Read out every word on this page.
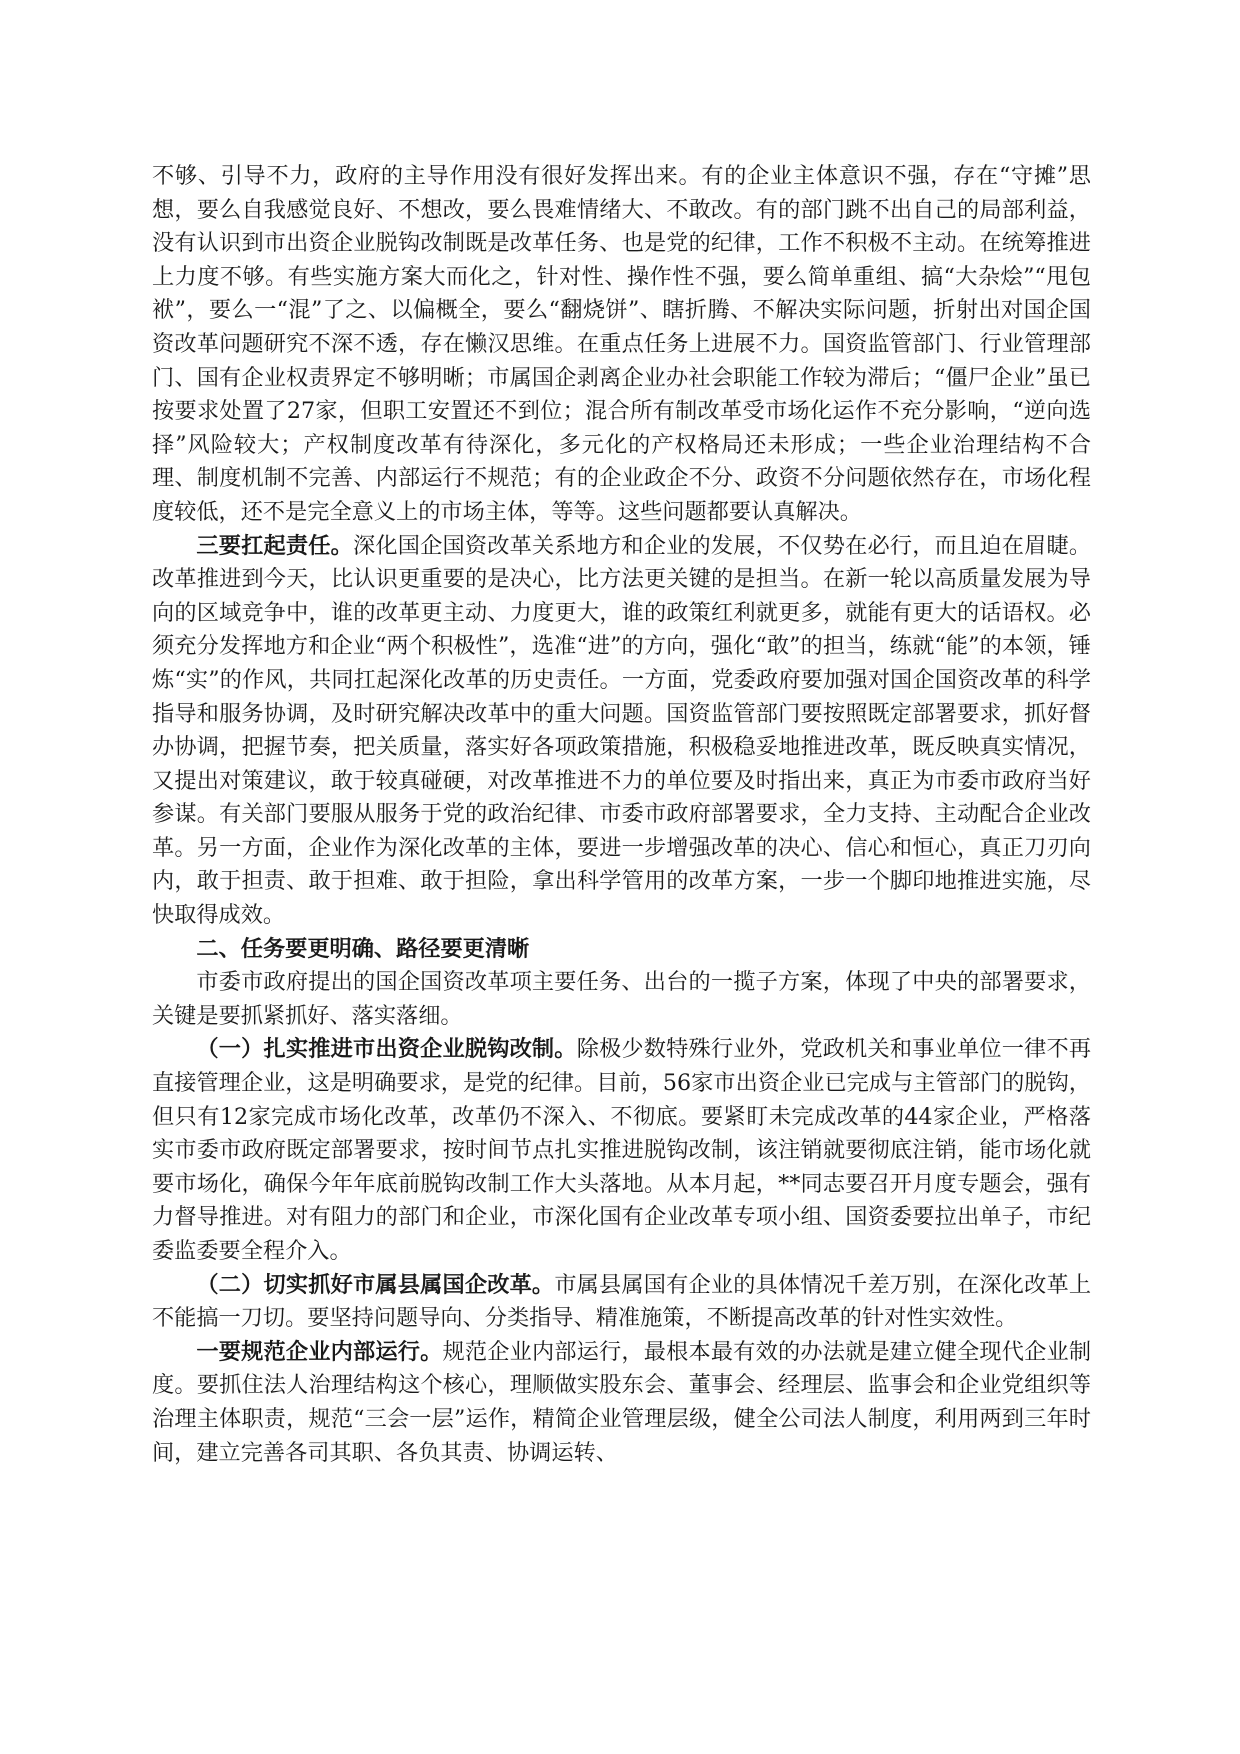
不够、引导不力，政府的主导作用没有很好发挥出来。有的企业主体意识不强，存在“守摊”思想，要么自我感觉良好、不想改，要么畏难情绪大、不敢改。有的部门跳不出自己的局部利益，没有认识到市出资企业脱钩改制既是改革任务、也是党的纪律，工作不积极不主动。在统筹推进上力度不够。有些实施方案大而化之，针对性、操作性不强，要么简单重组、搞“大杂烩”“甩包袱”，要么一“混”了之、以偏概全，要么“翻烧饼”、瞎折腾、不解决实际问题，折射出对国企国资改革问题研究不深不透，存在懒汉思维。在重点任务上进展不力。国资监管部门、行业管理部门、国有企业权责界定不够明晰；市属国企剥离企业办社会职能工作较为滞后；“僵尸企业”虽已按要求处置了27家，但职工安置还不到位；混合所有制改革受市场化运作不充分影响，“逆向选择”风险较大；产权制度改革有待深化，多元化的产权格局还未形成；一些企业治理结构不合理、制度机制不完善、内部运行不规范；有的企业政企不分、政资不分问题依然存在，市场化程度较低，还不是完全意义上的市场主体，等等。这些问题都要认真解决。

三要扛起责任。深化国企国资改革关系地方和企业的发展，不仅势在必行，而且迫在眉睫。改革推进到今天，比认识更重要的是决心，比方法更关键的是担当。在新一轮以高质量发展为导向的区域竞争中，谁的改革更主动、力度更大，谁的政策红利就更多，就能有更大的话语权。必须充分发挥地方和企业“两个积极性”，选准“进”的方向，强化“敢”的担当，练就“能”的本领，锤炼“实”的作风，共同扛起深化改革的历史责任。一方面，党委政府要加强对国企国资改革的科学指导和服务协调，及时研究解决改革中的重大问题。国资监管部门要按照既定部署要求，抓好督办协调，把握节奏，把关质量，落实好各项政策措施，积极稳妥地推进改革，既反映真实情况，又提出对策建议，敢于较真碰硬，对改革推进不力的单位要及时指出来，真正为市委市政府当好参谋。有关部门要服从服务于党的政治纪律、市委市政府部署要求，全力支持、主动配合企业改革。另一方面，企业作为深化改革的主体，要进一步增强改革的决心、信心和恒心，真正刀刃向内，敢于担责、敢于担难、敢于担险，拿出科学管用的改革方案，一步一个脚印地推进实施，尽快取得成效。

二、任务要更明确、路径要更清晰

市委市政府提出的国企国资改革项主要任务、出台的一揽子方案，体现了中央的部署要求，关键是要抓紧抓好、落实落细。

（一）扎实推进市出资企业脱钩改制。除极少数特殊行业外，党政机关和事业单位一律不再直接管理企业，这是明确要求，是党的纪律。目前，56家市出资企业已完成与主管部门的脱钩，但只有12家完成市场化改革，改革仍不深入、不彻底。要紧盯未完成改革的44家企业，严格落实市委市政府既定部署要求，按时间节点扎实推进脱钩改制，该注销就要彻底注销，能市场化就要市场化，确保今年年底前脱钩改制工作大头落地。从本月起，**同志要召开月度专题会，强有力督导推进。对有阻力的部门和企业，市深化国有企业改革专项小组、国资委要拉出单子，市纪委监委要全程介入。

（二）切实抓好市属县属国企改革。市属县属国有企业的具体情况千差万别，在深化改革上不能搞一刀切。要坚持问题导向、分类指导、精准施策，不断提高改革的针对性实效性。

一要规范企业内部运行。规范企业内部运行，最根本最有效的办法就是建立健全现代企业制度。要抓住法人治理结构这个核心，理顺做实股东会、董事会、经理层、监事会和企业党组织等治理主体职责，规范“三会一层”运作，精简企业管理层级，健全公司法人制度，利用两到三年时间，建立完善各司其职、各负其责、协调运转、
